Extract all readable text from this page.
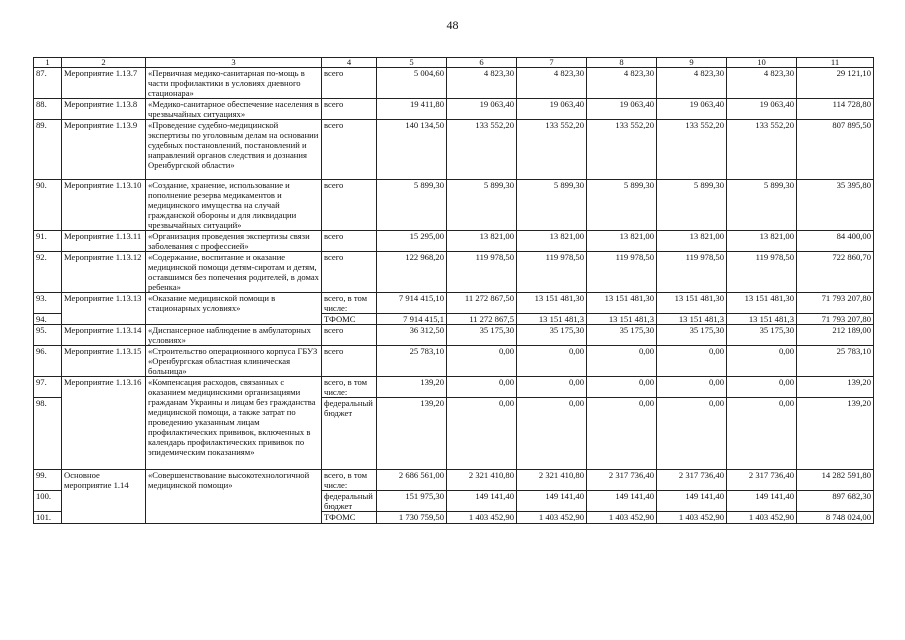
48
1	2	3	4	5	6	7	8	9	10	11
87.	Мероприятие 1.13.7	«Первичная медико-санитарная по-мощь в части профилактики в условиях дневного стационара»	всего	5 004,60	4 823,30	4 823,30	4 823,30	4 823,30	4 823,30	29 121,10
88.	Мероприятие 1.13.8	«Медико-санитарное обеспечение населения в чрезвычайных ситуациях»	всего	19 411,80	19 063,40	19 063,40	19 063,40	19 063,40	19 063,40	114 728,80
89.	Мероприятие 1.13.9	«Проведение судебно-медицинской экспертизы по уголовным делам на основании судебных постановлений, постановлений и направлений органов следствия и дознания Оренбургской области»	всего	140 134,50	133 552,20	133 552,20	133 552,20	133 552,20	133 552,20	807 895,50
90.	Мероприятие 1.13.10	«Создание, хранение, использование и пополнение резерва медикаментов и медицинского имущества на случай гражданской обороны и для ликвидации чрезвычайных ситуаций»	всего	5 899,30	5 899,30	5 899,30	5 899,30	5 899,30	5 899,30	35 395,80
91.	Мероприятие 1.13.11	«Организация проведения экспертизы связи заболевания с профессией»	всего	15 295,00	13 821,00	13 821,00	13 821,00	13 821,00	13 821,00	84 400,00
92.	Мероприятие 1.13.12	«Содержание, воспитание и оказание медицинской помощи детям-сиротам и детям, оставшимся без попечения родителей, в домах ребенка»	всего	122 968,20	119 978,50	119 978,50	119 978,50	119 978,50	119 978,50	722 860,70
93.	Мероприятие 1.13.13	«Оказание медицинской помощи в стационарных условиях»	всего, в том числе:	7 914 415,10	11 272 867,50	13 151 481,30	13 151 481,30	13 151 481,30	13 151 481,30	71 793 207,80
94.			ТФОМС	7 914 415,1	11 272 867,5	13 151 481,3	13 151 481,3	13 151 481,3	13 151 481,3	71 793 207,80
95.	Мероприятие 1.13.14	«Диспансерное наблюдение в амбулаторных условиях»	всего	36 312,50	35 175,30	35 175,30	35 175,30	35 175,30	35 175,30	212 189,00
96.	Мероприятие 1.13.15	«Строительство операционного корпуса ГБУЗ «Оренбургская областная клиническая больница»	всего	25 783,10	0,00	0,00	0,00	0,00	0,00	25 783,10
97.	Мероприятие 1.13.16	«Компенсация расходов, связанных с оказанием медицинскими организациями гражданам Украины и лицам без гражданства медицинской помощи, а также затрат по проведению указанным лицам профилактических прививок, включенных в календарь профилактических прививок по эпидемическим показаниям»	всего, в том числе:	139,20	0,00	0,00	0,00	0,00	0,00	139,20
98.			федеральный бюджет	139,20	0,00	0,00	0,00	0,00	0,00	139,20
99.	Основное мероприятие 1.14	«Совершенствование высокотехнологичной медицинской помощи»	всего, в том числе:	2 686 561,00	2 321 410,80	2 321 410,80	2 317 736,40	2 317 736,40	2 317 736,40	14 282 591,80
100.			федеральный бюджет	151 975,30	149 141,40	149 141,40	149 141,40	149 141,40	149 141,40	897 682,30
101.			ТФОМС	1 730 759,50	1 403 452,90	1 403 452,90	1 403 452,90	1 403 452,90	1 403 452,90	8 748 024,00
